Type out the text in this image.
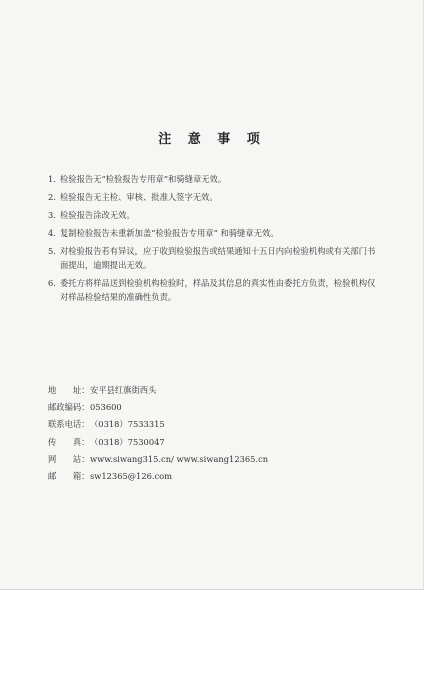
注 意 事 项
1. 检验报告无“检验报告专用章”和骑缝章无效。
2. 检验报告无主检、审核、批准人签字无效。
3. 检验报告涂改无效。
4. 复制检验报告未重新加盖“检验报告专用章” 和骑缝章无效。
5. 对检验报告若有异议，应于收到检验报告或结果通知十五日内向检验机构或有关部门书面提出，逾期提出无效。
6. 委托方将样品送到检验机构检验时，样品及其信息的真实性由委托方负责，检验机构仅对样品检验结果的准确性负责。
地　　址： 安平县红旗街西头
邮政编码： 053600
联系电话： （0318）7533315
传　　真： （0318）7530047
网　　站： www.siwang315.cn/ www.siwang12365.cn
邮　　箱： sw12365@126.com
